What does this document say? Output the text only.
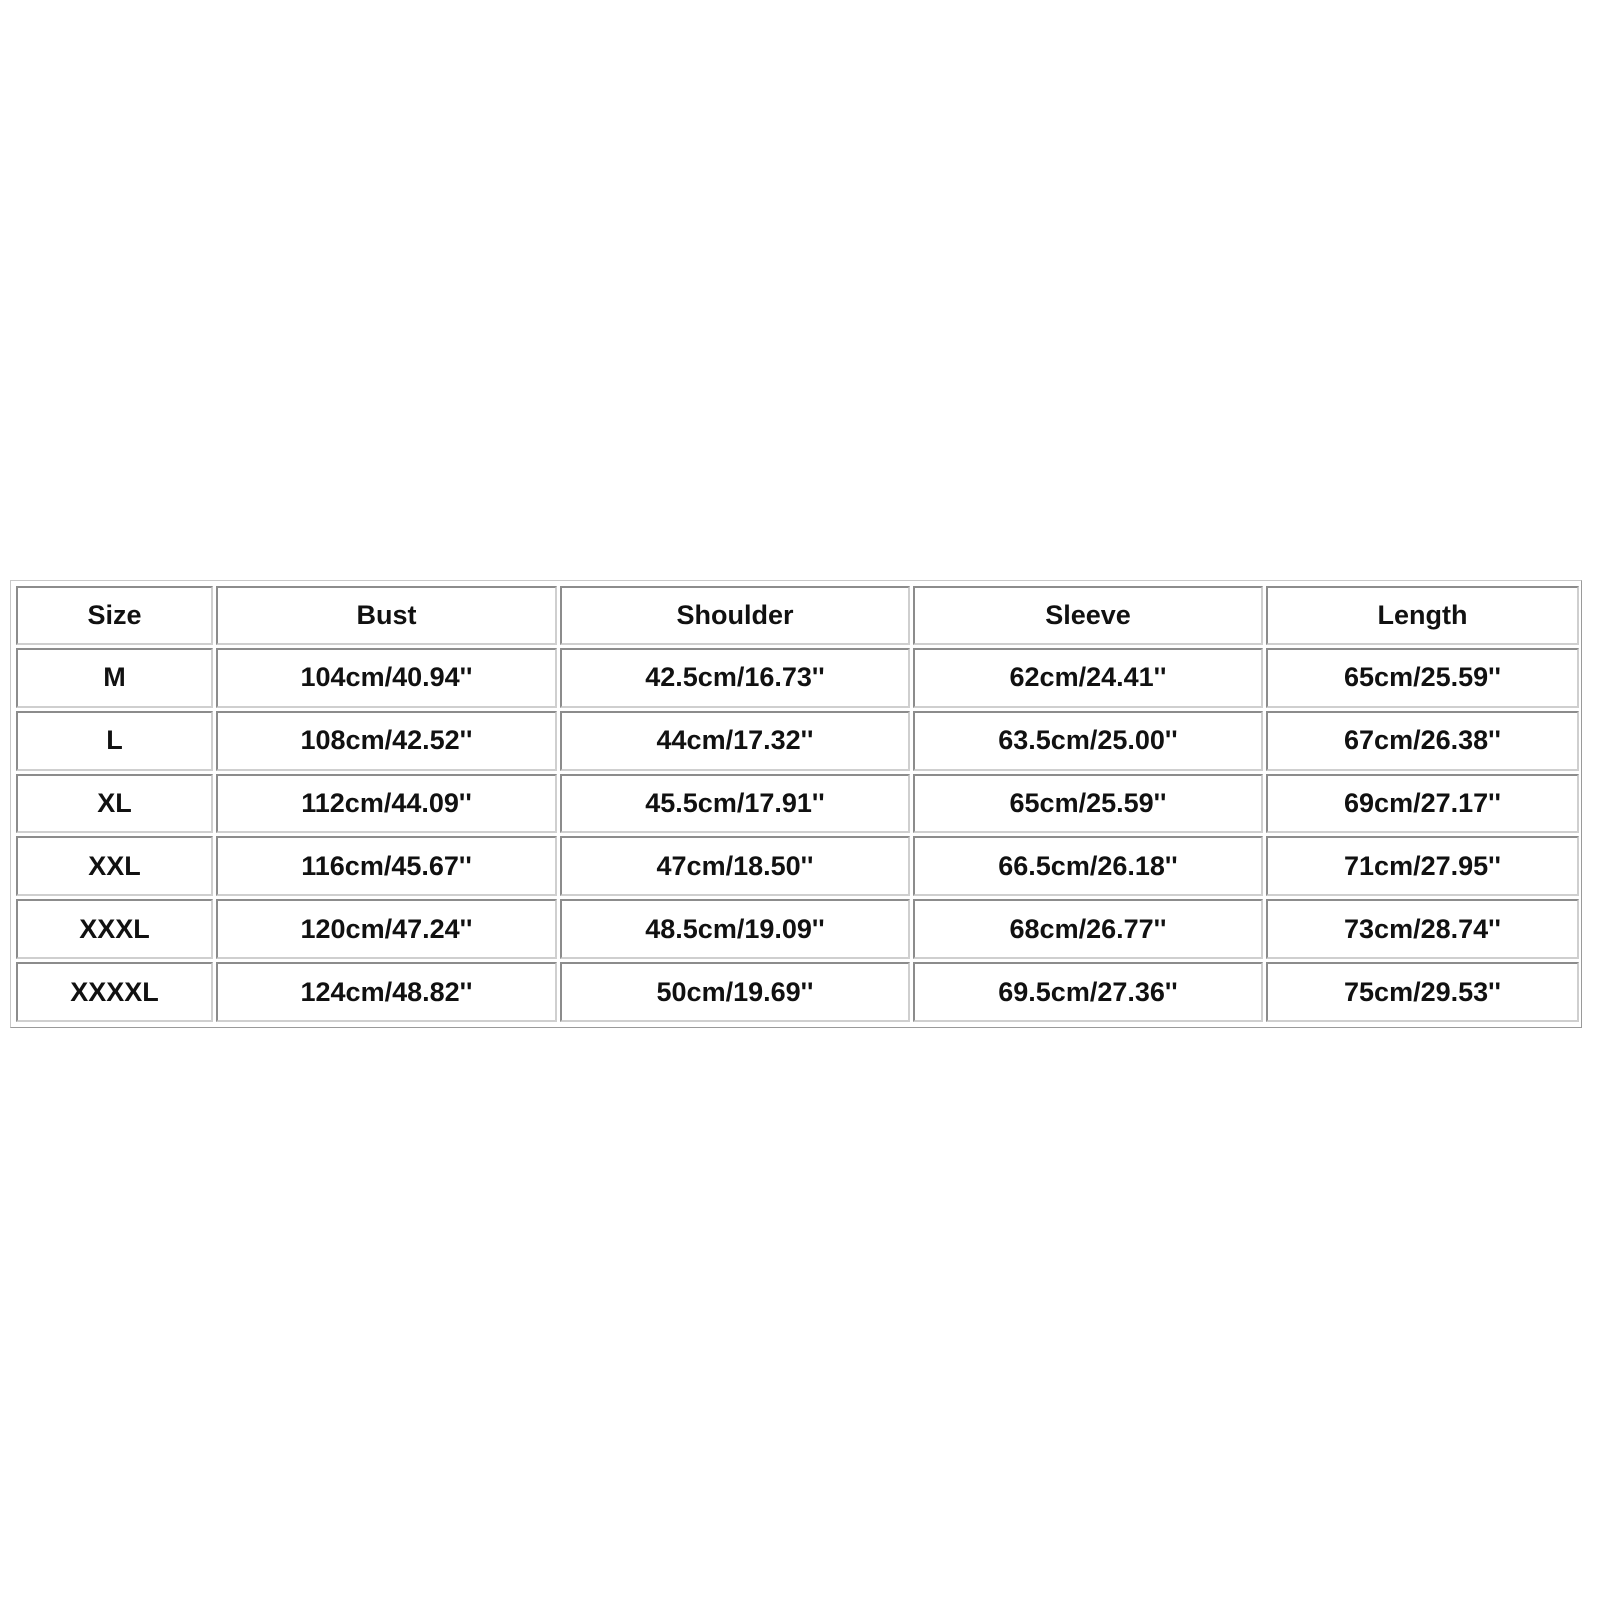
Size	Bust	Shoulder	Sleeve	Length
M	104cm/40.94''	42.5cm/16.73''	62cm/24.41''	65cm/25.59''
L	108cm/42.52''	44cm/17.32''	63.5cm/25.00''	67cm/26.38''
XL	112cm/44.09''	45.5cm/17.91''	65cm/25.59''	69cm/27.17''
XXL	116cm/45.67''	47cm/18.50''	66.5cm/26.18''	71cm/27.95''
XXXL	120cm/47.24''	48.5cm/19.09''	68cm/26.77''	73cm/28.74''
XXXXL	124cm/48.82''	50cm/19.69''	69.5cm/27.36''	75cm/29.53''
